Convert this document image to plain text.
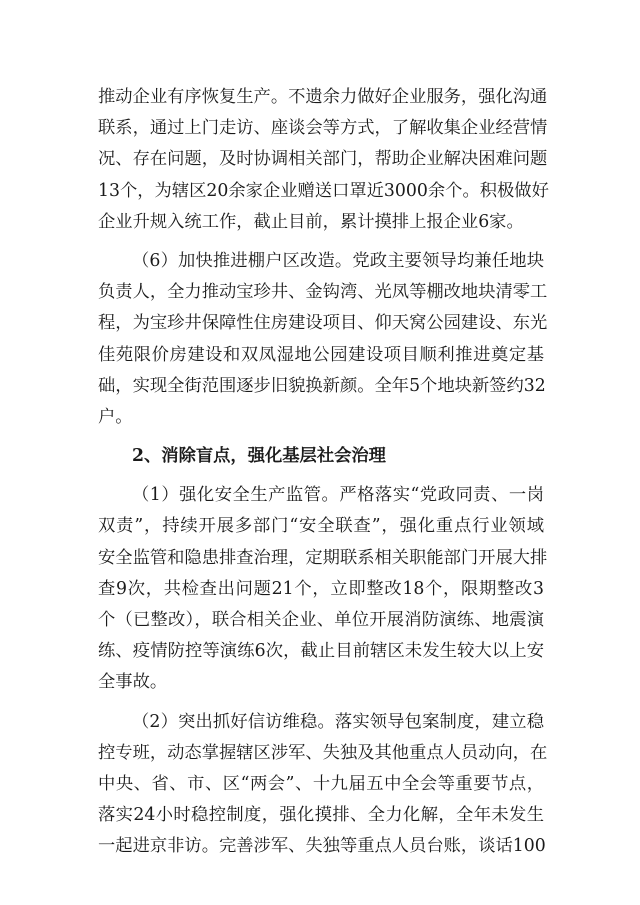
推动企业有序恢复生产。不遗余力做好企业服务，强化沟通
联系，通过上门走访、座谈会等方式，了解收集企业经营情
况、存在问题，及时协调相关部门，帮助企业解决困难问题
13个，为辖区20余家企业赠送口罩近3000余个。积极做好
企业升规入统工作，截止目前，累计摸排上报企业6家。
（6）加快推进棚户区改造。党政主要领导均兼任地块
负责人，全力推动宝珍井、金钩湾、光凤等棚改地块清零工
程，为宝珍井保障性住房建设项目、仰天窝公园建设、东光
佳苑限价房建设和双凤湿地公园建设项目顺利推进奠定基
础，实现全街范围逐步旧貌换新颜。全年5个地块新签约32
户。
2、消除盲点，强化基层社会治理
（1）强化安全生产监管。严格落实“党政同责、一岗
双责”，持续开展多部门“安全联查”，强化重点行业领域
安全监管和隐患排查治理，定期联系相关职能部门开展大排
查9次，共检查出问题21个，立即整改18个，限期整改3
个（已整改），联合相关企业、单位开展消防演练、地震演
练、疫情防控等演练6次，截止目前辖区未发生较大以上安
全事故。
（2）突出抓好信访维稳。落实领导包案制度，建立稳
控专班，动态掌握辖区涉军、失独及其他重点人员动向，在
中央、省、市、区“两会”、十九届五中全会等重要节点，
落实24小时稳控制度，强化摸排、全力化解，全年未发生
一起进京非访。完善涉军、失独等重点人员台账，谈话100
